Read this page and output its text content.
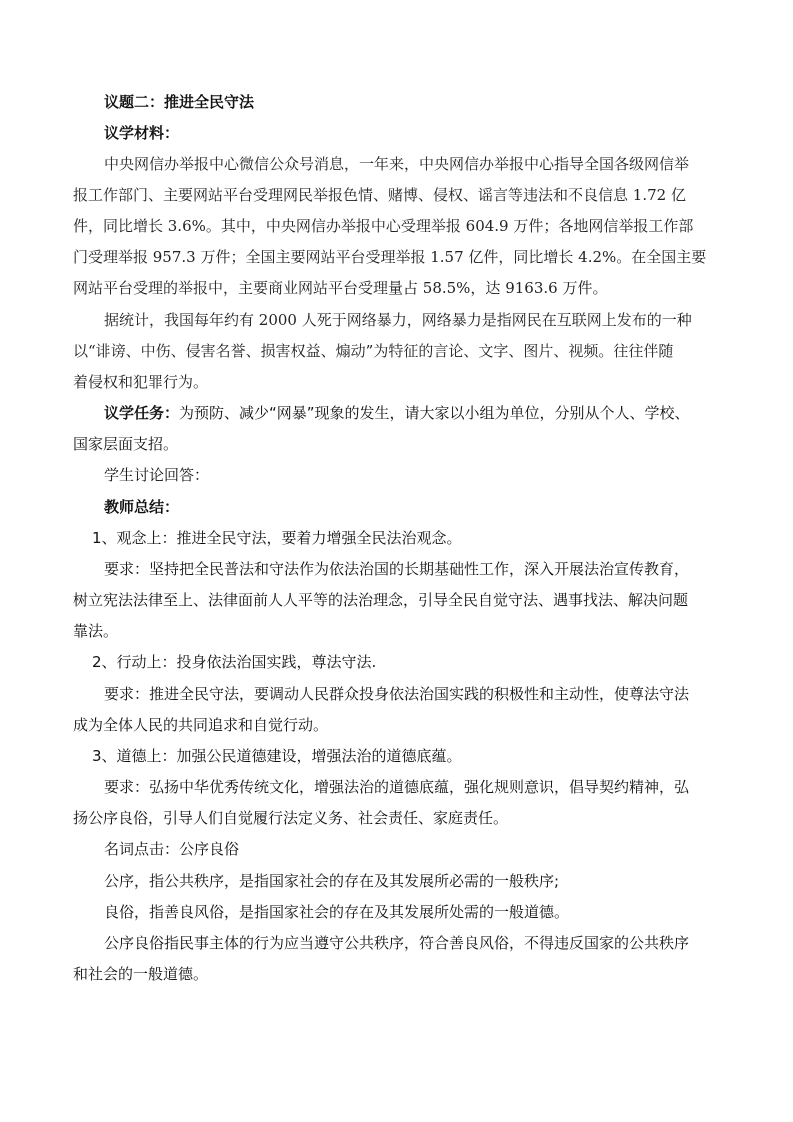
议题二：推进全民守法
议学材料：
中央网信办举报中心微信公众号消息，一年来，中央网信办举报中心指导全国各级网信举
报工作部门、主要网站平台受理网民举报色情、赌博、侵权、谣言等违法和不良信息 1.72 亿
件，同比增长 3.6%。其中，中央网信办举报中心受理举报 604.9 万件；各地网信举报工作部
门受理举报 957.3 万件；全国主要网站平台受理举报 1.57 亿件，同比增长 4.2%。在全国主要
网站平台受理的举报中，主要商业网站平台受理量占 58.5%，达 9163.6 万件。
据统计，我国每年约有 2000 人死于网络暴力，网络暴力是指网民在互联网上发布的一种
以“诽谤、中伤、侵害名誉、损害权益、煽动”为特征的言论、文字、图片、视频。往往伴随
着侵权和犯罪行为。
议学任务：为预防、减少“网暴”现象的发生，请大家以小组为单位，分别从个人、学校、
国家层面支招。
学生讨论回答：
教师总结：
1、观念上：推进全民守法，要着力增强全民法治观念。
要求：坚持把全民普法和守法作为依法治国的长期基础性工作，深入开展法治宣传教育，
树立宪法法律至上、法律面前人人平等的法治理念，引导全民自觉守法、遇事找法、解决问题
靠法。
2、行动上：投身依法治国实践，尊法守法.
要求：推进全民守法，要调动人民群众投身依法治国实践的积极性和主动性，使尊法守法
成为全体人民的共同追求和自觉行动。
3、道德上：加强公民道德建设，增强法治的道德底蕴。
要求：弘扬中华优秀传统文化，增强法治的道德底蕴，强化规则意识，倡导契约精神，弘
扬公序良俗，引导人们自觉履行法定义务、社会责任、家庭责任。
名词点击：公序良俗
公序，指公共秩序，是指国家社会的存在及其发展所必需的一般秩序;
良俗，指善良风俗，是指国家社会的存在及其发展所处需的一般道德。
公序良俗指民事主体的行为应当遵守公共秩序，符合善良风俗，不得违反国家的公共秩序
和社会的一般道德。
